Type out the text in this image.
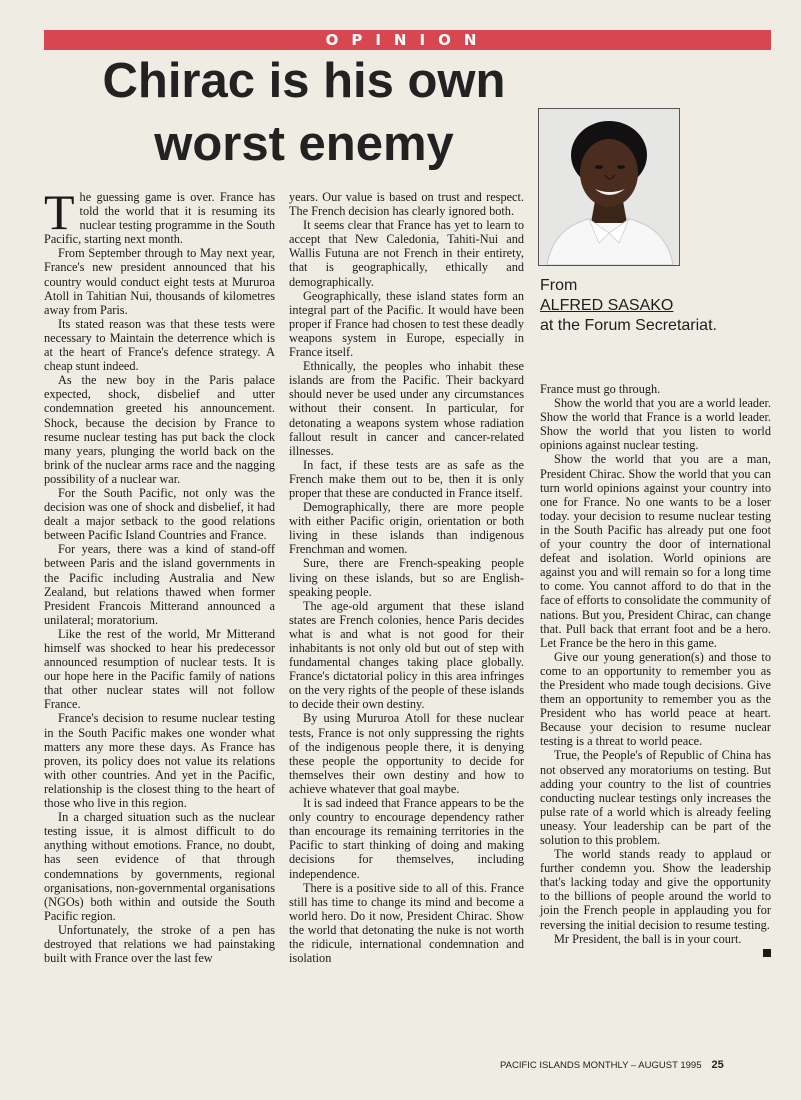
OPINION
Chirac is his own worst enemy
From
ALFRED SASAKO
at the Forum Secretariat.

The guessing game is over. France has told the world that it is resuming its nuclear testing programme in the South Pacific, starting next month.

From September through to May next year, France's new president announced that his country would conduct eight tests at Mururoa Atoll in Tahitian Nui, thousands of kilometres away from Paris.

Its stated reason was that these tests were necessary to Maintain the deterrence which is at the heart of France's defence strategy. A cheap stunt indeed.

As the new boy in the Paris palace expected, shock, disbelief and utter condemnation greeted his announcement. Shock, because the decision by France to resume nuclear testing has put back the clock many years, plunging the world back on the brink of the nuclear arms race and the nagging possibility of a nuclear war.

For the South Pacific, not only was the decision was one of shock and disbelief, it had dealt a major setback to the good relations between Pacific Island Countries and France.

For years, there was a kind of stand-off between Paris and the island governments in the Pacific including Australia and New Zealand, but relations thawed when former President Francois Mitterand announced a unilateral; moratorium.

Like the rest of the world, Mr Mitterand himself was shocked to hear his predecessor announced resumption of nuclear tests. It is our hope here in the Pacific family of nations that other nuclear states will not follow France.

France's decision to resume nuclear testing in the South Pacific makes one wonder what matters any more these days. As France has proven, its policy does not value its relations with other countries. And yet in the Pacific, relationship is the closest thing to the heart of those who live in this region.

In a charged situation such as the nuclear testing issue, it is almost difficult to do anything without emotions. France, no doubt, has seen evidence of that through condemnations by governments, regional organisations, non-governmental organisations (NGOs) both within and outside the South Pacific region.

Unfortunately, the stroke of a pen has destroyed that relations we had painstaking built with France over the last few

years. Our value is based on trust and respect. The French decision has clearly ignored both.

It seems clear that France has yet to learn to accept that New Caledonia, Tahiti-Nui and Wallis Futuna are not French in their entirety, that is geographically, ethically and demographically.

Geographically, these island states form an integral part of the Pacific. It would have been proper if France had chosen to test these deadly weapons system in Europe, especially in France itself.

Ethnically, the peoples who inhabit these islands are from the Pacific. Their backyard should never be used under any circumstances without their consent. In particular, for detonating a weapons system whose radiation fallout result in cancer and cancer-related illnesses.

In fact, if these tests are as safe as the French make them out to be, then it is only proper that these are conducted in France itself.

Demographically, there are more people with either Pacific origin, orientation or both living in these islands than indigenous Frenchman and women.

Sure, there are French-speaking people living on these islands, but so are English-speaking people.

The age-old argument that these island states are French colonies, hence Paris decides what is and what is not good for their inhabitants is not only old but out of step with fundamental changes taking place globally. France's dictatorial policy in this area infringes on the very rights of the people of these islands to decide their own destiny.

By using Mururoa Atoll for these nuclear tests, France is not only suppressing the rights of the indigenous people there, it is denying these people the opportunity to decide for themselves their own destiny and how to achieve whatever that goal maybe.

It is sad indeed that France appears to be the only country to encourage dependency rather than encourage its remaining territories in the Pacific to start thinking of doing and making decisions for themselves, including independence.

There is a positive side to all of this. France still has time to change its mind and become a world hero. Do it now, President Chirac. Show the world that detonating the nuke is not worth the ridicule, international condemnation and isolation

France must go through.

Show the world that you are a world leader. Show the world that France is a world leader. Show the world that you listen to world opinions against nuclear testing.

Show the world that you are a man, President Chirac. Show the world that you can turn world opinions against your country into one for France. No one wants to be a loser today. your decision to resume nuclear testing in the South Pacific has already put one foot of your country the door of international defeat and isolation. World opinions are against you and will remain so for a long time to come. You cannot afford to do that in the face of efforts to consolidate the community of nations. But you, President Chirac, can change that. Pull back that errant foot and be a hero. Let France be the hero in this game.

Give our young generation(s) and those to come to an opportunity to remember you as the President who made tough decisions. Give them an opportunity to remember you as the President who has world peace at heart. Because your decision to resume nuclear testing is a threat to world peace.

True, the People's of Republic of China has not observed any moratoriums on testing. But adding your country to the list of countries conducting nuclear testings only increases the pulse rate of a world which is already feeling uneasy. Your leadership can be part of the solution to this problem.

The world stands ready to applaud or further condemn you. Show the leadership that's lacking today and give the opportunity to the billions of people around the world to join the French people in applauding you for reversing the initial decision to resume testing.

Mr President, the ball is in your court.

PACIFIC ISLANDS MONTHLY – AUGUST 1995 25
